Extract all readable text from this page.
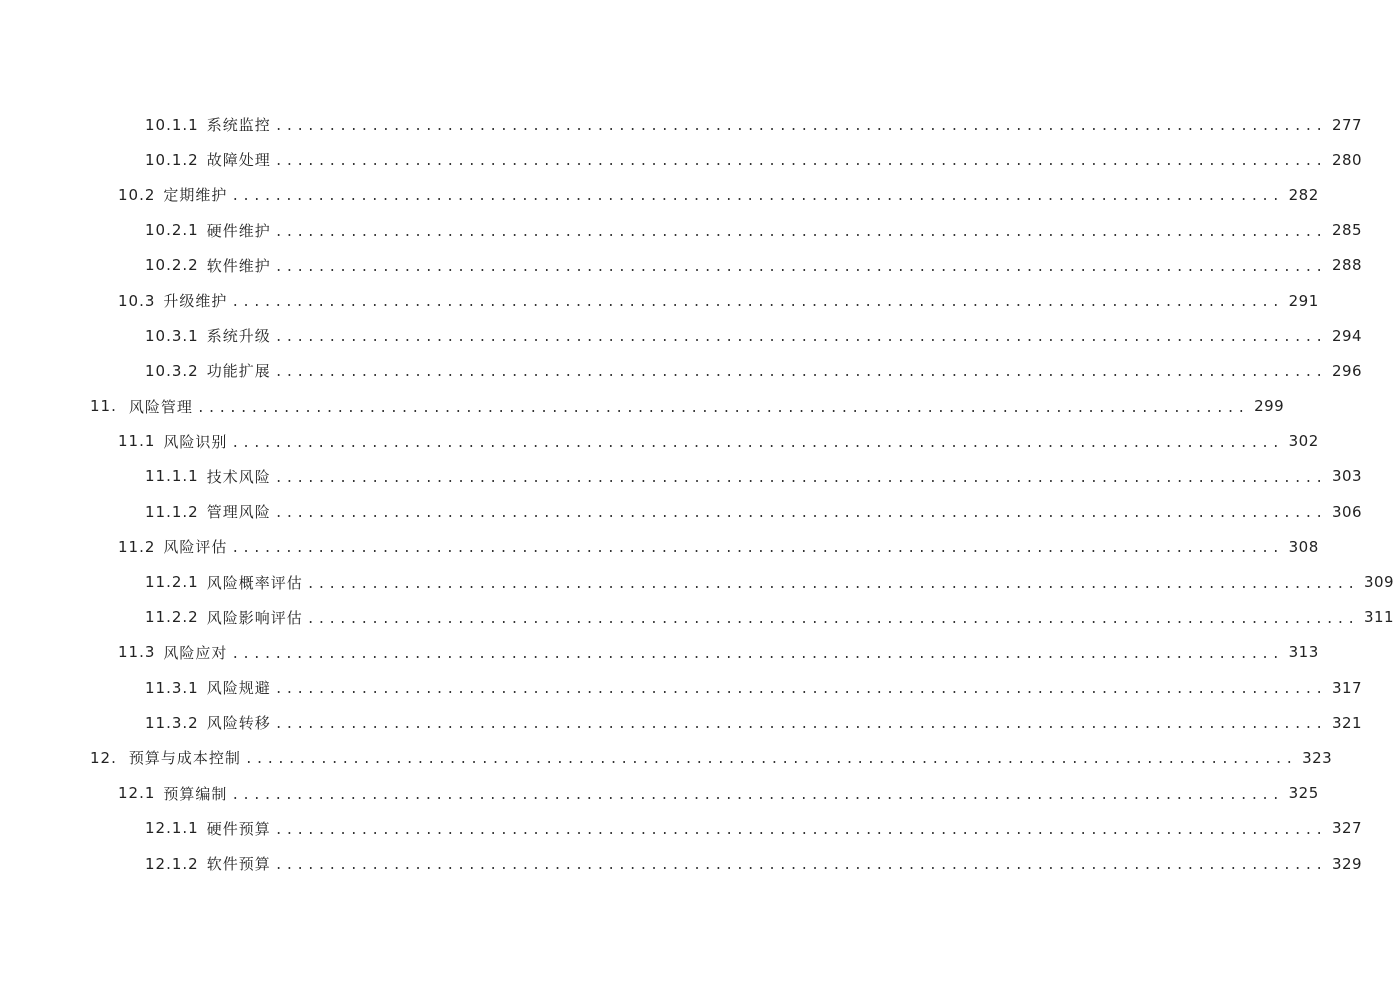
10.1.1 系统监控 .................................................................................................. 277
10.1.2 故障处理 .................................................................................................. 280
10.2 定期维护 .................................................................................................. 282
10.2.1 硬件维护 .................................................................................................. 285
10.2.2 软件维护 .................................................................................................. 288
10.3 升级维护 .................................................................................................. 291
10.3.1 系统升级 .................................................................................................. 294
10.3.2 功能扩展 .................................................................................................. 296
11. 风险管理 .................................................................................................. 299
11.1 风险识别 .................................................................................................. 302
11.1.1 技术风险 .................................................................................................. 303
11.1.2 管理风险 .................................................................................................. 306
11.2 风险评估 .................................................................................................. 308
11.2.1 风险概率评估 .................................................................................................. 309
11.2.2 风险影响评估 .................................................................................................. 311
11.3 风险应对 .................................................................................................. 313
11.3.1 风险规避 .................................................................................................. 317
11.3.2 风险转移 .................................................................................................. 321
12. 预算与成本控制 .................................................................................................. 323
12.1 预算编制 .................................................................................................. 325
12.1.1 硬件预算 .................................................................................................. 327
12.1.2 软件预算 .................................................................................................. 329
